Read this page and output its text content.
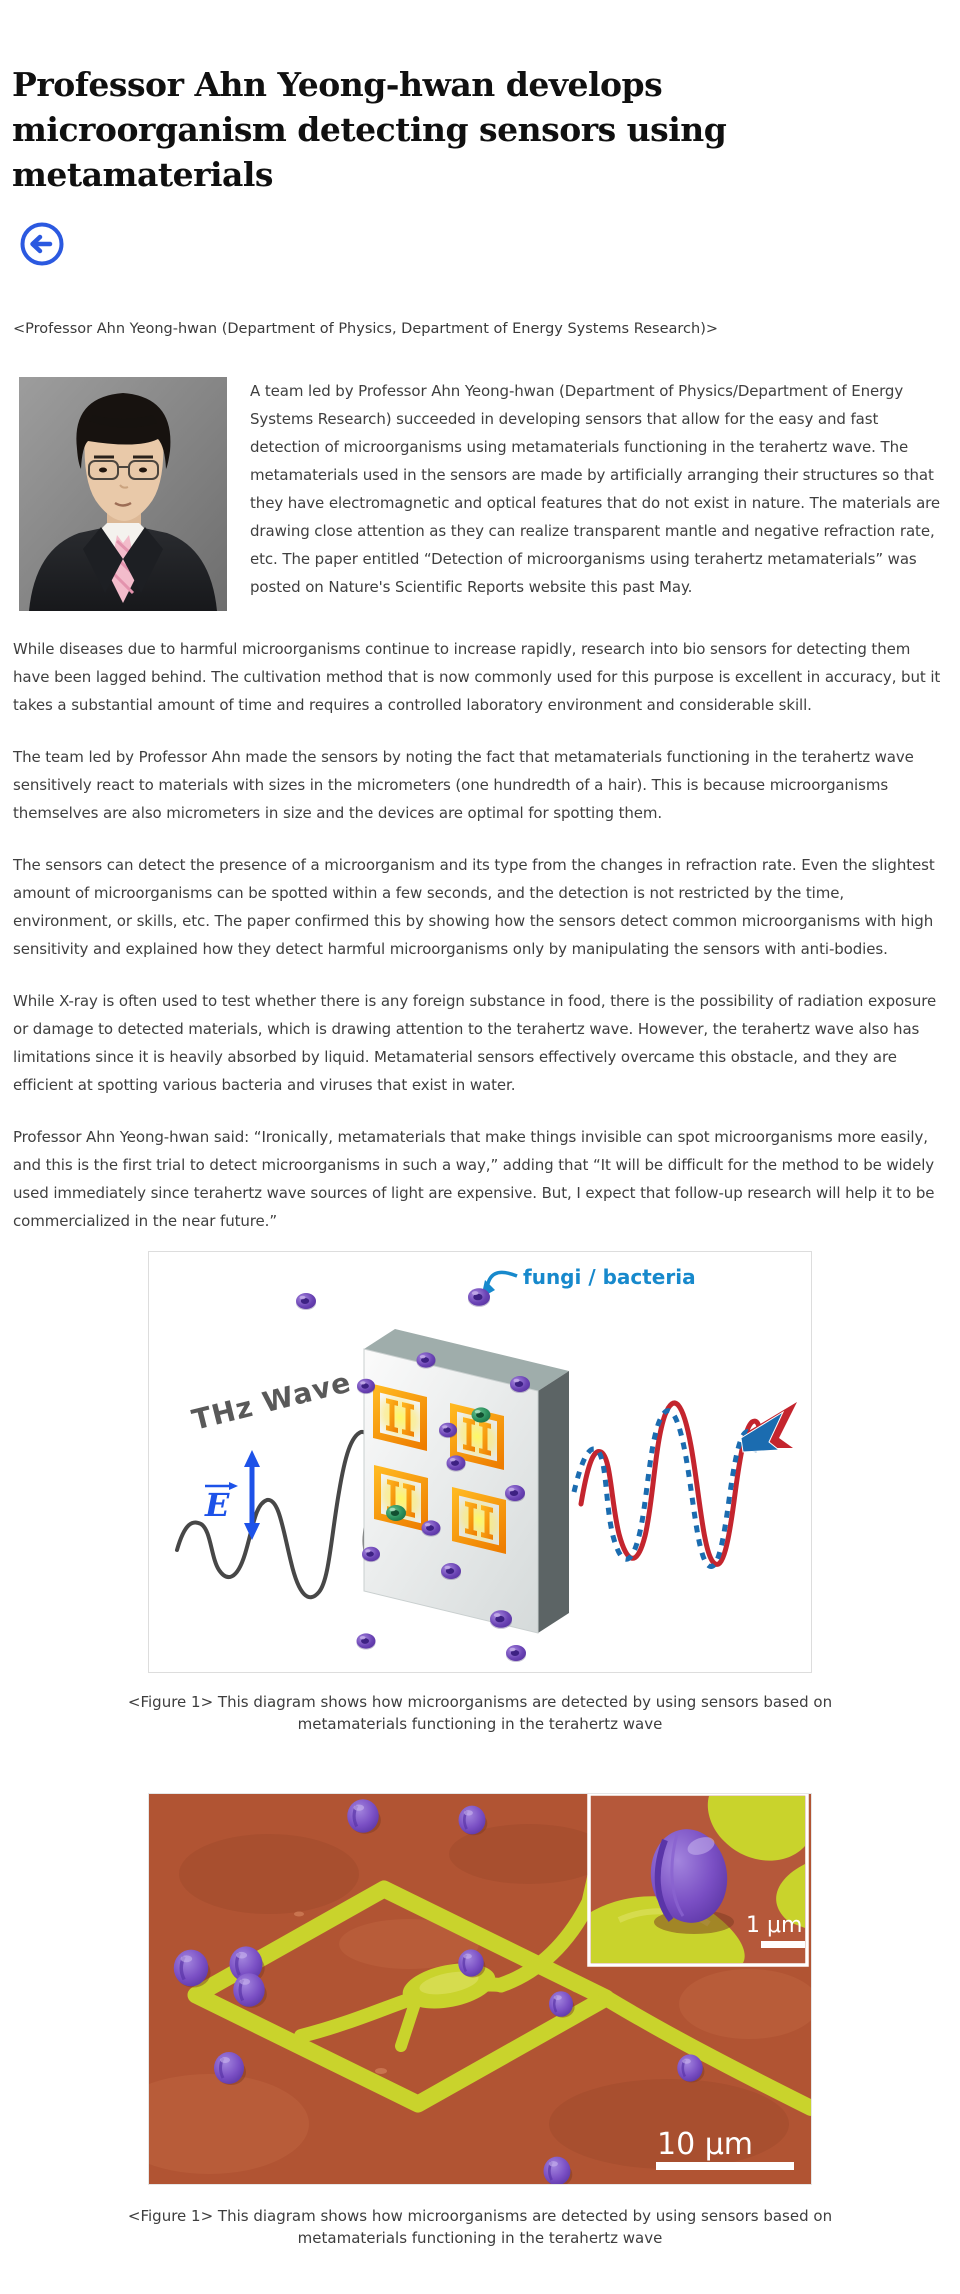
Professor Ahn Yeong-hwan develops microorganism detecting sensors using metamaterials

<Professor Ahn Yeong-hwan (Department of Physics, Department of Energy Systems Research)>

A team led by Professor Ahn Yeong-hwan (Department of Physics/Department of Energy Systems Research) succeeded in developing sensors that allow for the easy and fast detection of microorganisms using metamaterials functioning in the terahertz wave. The metamaterials used in the sensors are made by artificially arranging their structures so that they have electromagnetic and optical features that do not exist in nature. The materials are drawing close attention as they can realize transparent mantle and negative refraction rate, etc. The paper entitled “Detection of microorganisms using terahertz metamaterials” was posted on Nature's Scientific Reports website this past May.

While diseases due to harmful microorganisms continue to increase rapidly, research into bio sensors for detecting them have been lagged behind. The cultivation method that is now commonly used for this purpose is excellent in accuracy, but it takes a substantial amount of time and requires a controlled laboratory environment and considerable skill.

The team led by Professor Ahn made the sensors by noting the fact that metamaterials functioning in the terahertz wave sensitively react to materials with sizes in the micrometers (one hundredth of a hair). This is because microorganisms themselves are also micrometers in size and the devices are optimal for spotting them.

The sensors can detect the presence of a microorganism and its type from the changes in refraction rate. Even the slightest amount of microorganisms can be spotted within a few seconds, and the detection is not restricted by the time, environment, or skills, etc. The paper confirmed this by showing how the sensors detect common microorganisms with high sensitivity and explained how they detect harmful microorganisms only by manipulating the sensors with anti-bodies.

While X-ray is often used to test whether there is any foreign substance in food, there is the possibility of radiation exposure or damage to detected materials, which is drawing attention to the terahertz wave. However, the terahertz wave also has limitations since it is heavily absorbed by liquid. Metamaterial sensors effectively overcame this obstacle, and they are efficient at spotting various bacteria and viruses that exist in water.

Professor Ahn Yeong-hwan said: “Ironically, metamaterials that make things invisible can spot microorganisms more easily, and this is the first trial to detect microorganisms in such a way,” adding that “It will be difficult for the method to be widely used immediately since terahertz wave sources of light are expensive. But, I expect that follow-up research will help it to be commercialized in the near future.”

THz Wave
E
fungi / bacteria
<Figure 1> This diagram shows how microorganisms are detected by using sensors based on metamaterials functioning in the terahertz wave
1 μm
10 μm
<Figure 1> This diagram shows how microorganisms are detected by using sensors based on metamaterials functioning in the terahertz wave
